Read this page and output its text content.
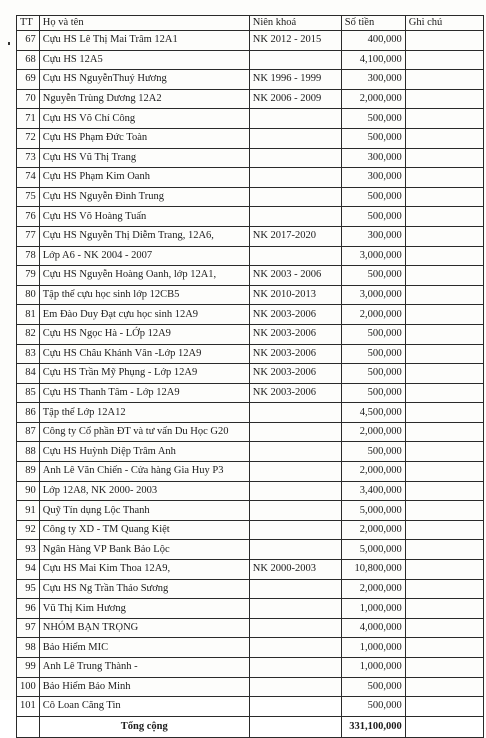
TT	Họ và tên	Niên khoá	Số tiền	Ghi chú
67	Cựu HS Lê Thị Mai Trâm 12A1	NK 2012 - 2015	400,000	
68	Cựu HS 12A5		4,100,000	
69	Cựu HS NguyễnThuý Hương	NK 1996 - 1999	300,000	
70	Nguyễn Trùng Dương 12A2	NK 2006 - 2009	2,000,000	
71	Cựu HS Võ Chí Công		500,000	
72	Cựu HS Phạm Đức Toàn		500,000	
73	Cựu HS Vũ Thị Trang		300,000	
74	Cựu HS Phạm Kim Oanh		300,000	
75	Cựu HS Nguyễn Đình Trung		500,000	
76	Cựu HS Võ Hoàng Tuấn		500,000	
77	Cựu HS Nguyễn Thị Diễm Trang, 12A6,	NK 2017-2020	300,000	
78	Lớp A6 - NK 2004 - 2007		3,000,000	
79	Cựu HS Nguyễn Hoàng Oanh, lớp 12A1,	NK 2003 - 2006	500,000	
80	Tập thể cựu học sinh lớp 12CB5	NK 2010-2013	3,000,000	
81	Em Đào Duy Đạt cựu học sinh 12A9	NK 2003-2006	2,000,000	
82	Cựu HS Ngọc Hà - LỚp 12A9	NK 2003-2006	500,000	
83	Cựu HS Châu Khánh Vân -Lớp 12A9	NK 2003-2006	500,000	
84	Cựu HS Trần Mỹ Phụng - Lớp 12A9	NK 2003-2006	500,000	
85	Cựu HS Thanh Tâm - Lớp 12A9	NK 2003-2006	500,000	
86	Tập thể Lớp 12A12		4,500,000	
87	Công ty Cổ phần ĐT và tư vấn Du Học G20		2,000,000	
88	Cựu HS Huỳnh Diệp Trâm Anh		500,000	
89	Anh Lê Văn Chiến - Cửa hàng Gia Huy P3		2,000,000	
90	Lớp 12A8, NK 2000- 2003		3,400,000	
91	Quỹ Tín dụng Lộc Thanh		5,000,000	
92	Công ty XD - TM Quang Kiệt		2,000,000	
93	Ngân Hàng VP Bank Bảo Lộc		5,000,000	
94	Cựu HS Mai Kim Thoa 12A9,	NK 2000-2003	10,800,000	
95	Cựu HS Ng Trần Thảo Sương		2,000,000	
96	Vũ Thị Kim Hương		1,000,000	
97	NHÓM BẠN TRỌNG		4,000,000	
98	Bảo Hiểm MIC		1,000,000	
99	Anh Lê Trung Thành -		1,000,000	
100	Bảo Hiểm Bảo Minh		500,000	
101	Cô Loan Căng Tin		500,000	
	Tổng cộng		331,100,000	
